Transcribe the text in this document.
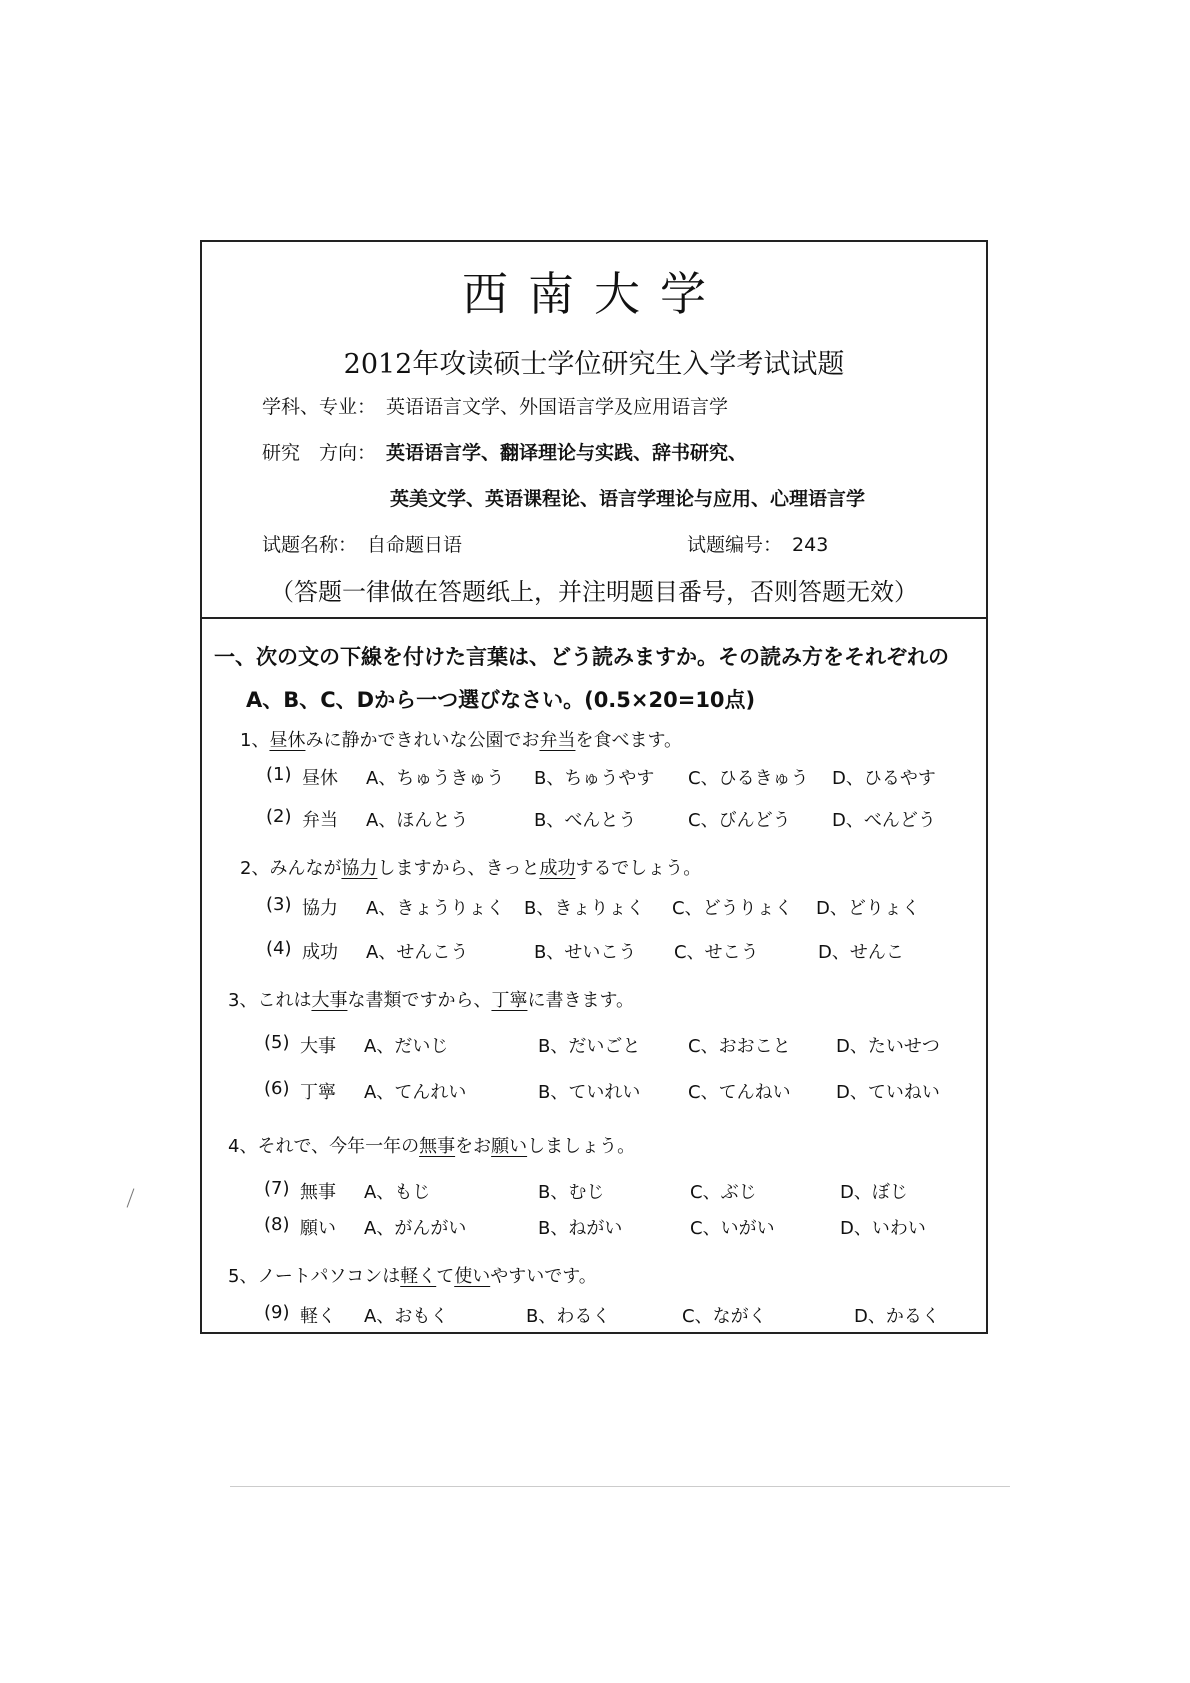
西南大学
2012年攻读硕士学位研究生入学考试试题
学科、专业： 英语语言文学、外国语言学及应用语言学
研究　方向： 英语语言学、翻译理论与实践、辞书研究、
英美文学、英语课程论、语言学理论与应用、心理语言学
试题名称： 自命题日语	试题编号： 243
（答题一律做在答题纸上，并注明题目番号，否则答题无效）
一、次の文の下線を付けた言葉は、どう読みますか。その読み方をそれぞれの
A、B、C、Dから一つ選びなさい。(0.5×20=10点)
1、昼休みに静かできれいな公園でお弁当を食べます。
(1) 昼休 A、ちゅうきゅう B、ちゅうやす C、ひるきゅう D、ひるやす
(2) 弁当 A、ほんとう	B、べんとう	C、びんどう D、べんどう
2、みんなが協力しますから、きっと成功するでしょう。
(3) 協力 A、きょうりょく B、きょりょく C、どうりょく D、どりょく
(4) 成功 A、せんこう	B、せいこう C、せこう	D、せんこ
3、これは大事な書類ですから、丁寧に書きます。
(5) 大事 A、だいじ	B、だいごと	C、おおこと	D、たいせつ
(6) 丁寧 A、てんれい	B、ていれい	C、てんねい	D、ていねい
4、それで、今年一年の無事をお願いしましょう。
(7) 無事 A、もじ	B、むじ	C、ぶじ	D、ぼじ
(8) 願い A、がんがい	B、ねがい	C、いがい	D、いわい
5、ノートパソコンは軽くて使いやすいです。
(9) 軽く A、おもく	B、わるく	C、ながく	D、かるく
